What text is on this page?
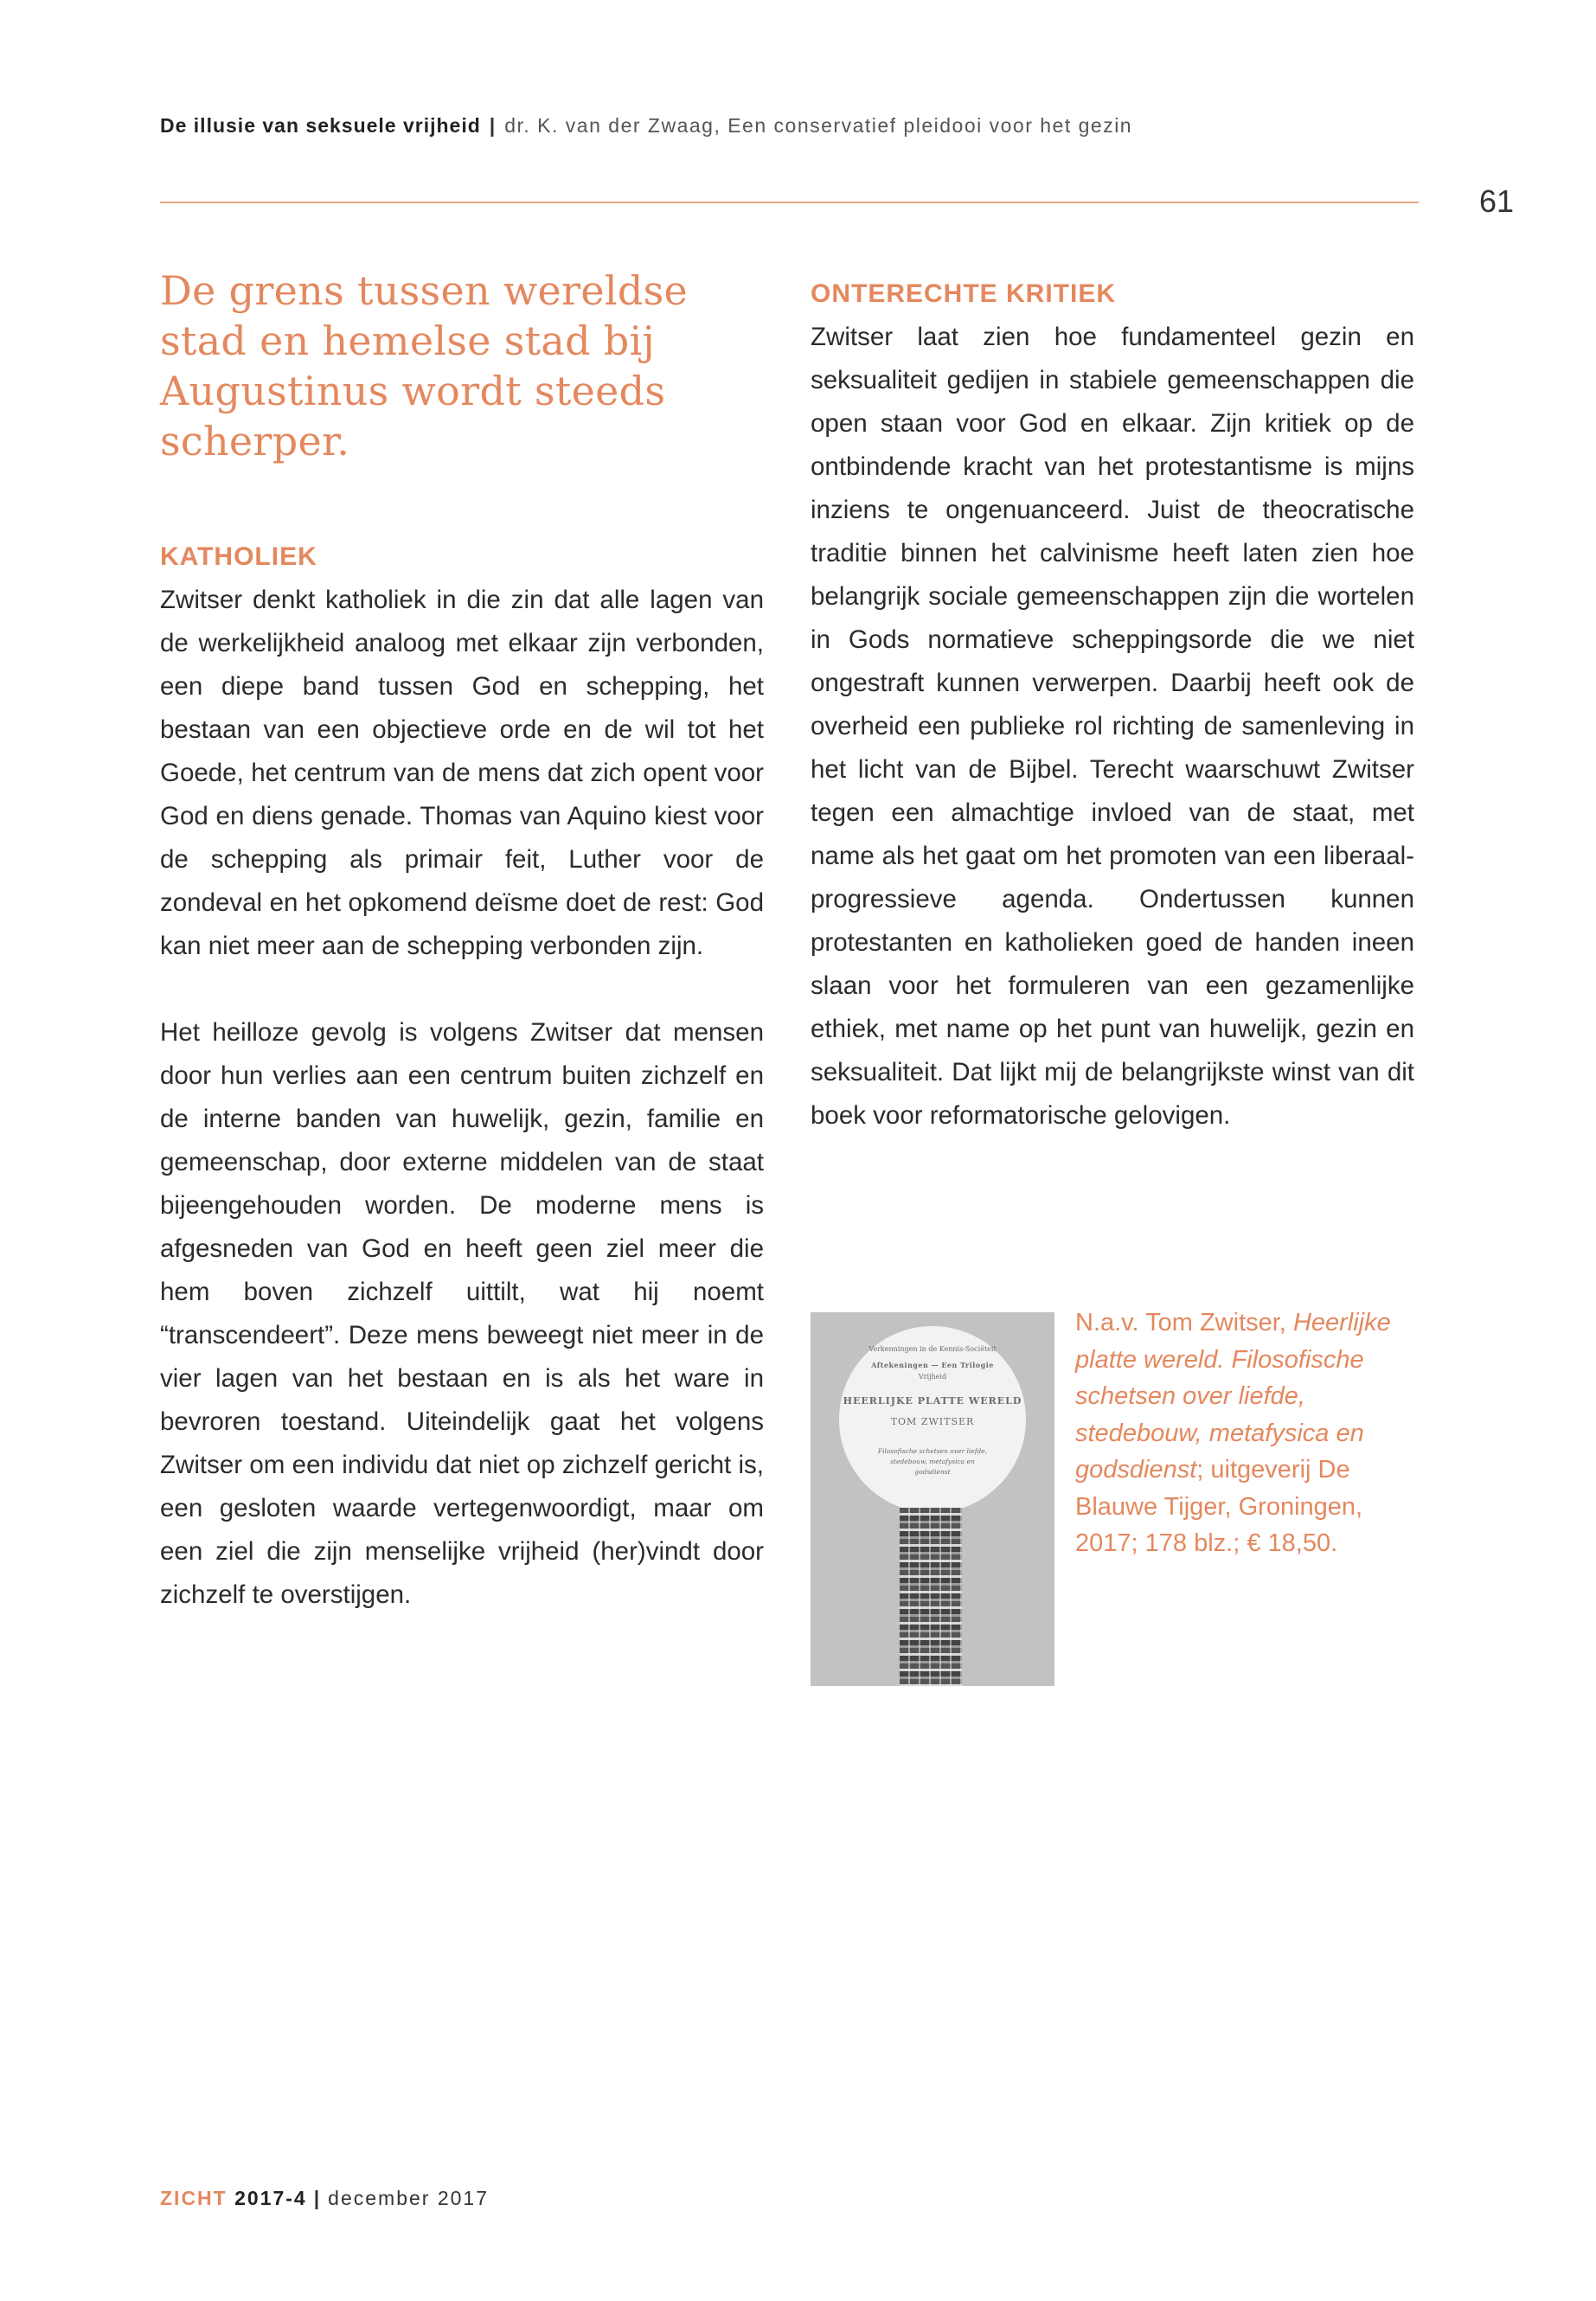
De illusie van seksuele vrijheid | dr. K. van der Zwaag, Een conservatief pleidooi voor het gezin
61
De grens tussen wereldse stad en hemelse stad bij Augustinus wordt steeds scherper.
KATHOLIEK

Zwitser denkt katholiek in die zin dat alle lagen van de werkelijkheid analoog met elkaar zijn verbonden, een diepe band tussen God en schepping, het bestaan van een objectieve orde en de wil tot het Goede, het centrum van de mens dat zich opent voor God en diens genade. Thomas van Aquino kiest voor de schepping als primair feit, Luther voor de zondeval en het opkomend deïsme doet de rest: God kan niet meer aan de schepping verbonden zijn.

Het heilloze gevolg is volgens Zwitser dat mensen door hun verlies aan een centrum buiten zichzelf en de interne banden van huwelijk, gezin, familie en gemeenschap, door externe middelen van de staat bijeengehouden worden. De moderne mens is afgesneden van God en heeft geen ziel meer die hem boven zichzelf uittilt, wat hij noemt “transcendeert”. Deze mens beweegt niet meer in de vier lagen van het bestaan en is als het ware in bevroren toestand. Uiteindelijk gaat het volgens Zwitser om een individu dat niet op zichzelf gericht is, een gesloten waarde vertegenwoordigt, maar om een ziel die zijn menselijke vrijheid (her)vindt door zichzelf te overstijgen.

ONTERECHTE KRITIEK

Zwitser laat zien hoe fundamenteel gezin en seksualiteit gedijen in stabiele gemeenschappen die open staan voor God en elkaar. Zijn kritiek op de ontbindende kracht van het protestantisme is mijns inziens te ongenuanceerd. Juist de theocratische traditie binnen het calvinisme heeft laten zien hoe belangrijk sociale gemeenschappen zijn die wortelen in Gods normatieve scheppingsorde die we niet ongestraft kunnen verwerpen. Daarbij heeft ook de overheid een publieke rol richting de samenleving in het licht van de Bijbel. Terecht waarschuwt Zwitser tegen een almachtige invloed van de staat, met name als het gaat om het promoten van een liberaal-progressieve agenda. Ondertussen kunnen protestanten en katholieken goed de handen ineen slaan voor het formuleren van een gezamenlijke ethiek, met name op het punt van huwelijk, gezin en seksualiteit. Dat lijkt mij de belangrijkste winst van dit boek voor reformatorische gelovigen.

Verkenningen in de Kennis-Sociëteit
Aftekeningen — Een Trilogie
Vrijheid
HEERLIJKE PLATTE WERELD
TOM ZWITSER
Filosofische schetsen over liefde,
stedebouw, metafysica en
godsdienst
N.a.v. Tom Zwitser, Heerlijke platte wereld. Filosofische schetsen over liefde, stedebouw, metafysica en godsdienst; uitgeverij De Blauwe Tijger, Groningen, 2017; 178 blz.; € 18,50.
ZICHT 2017-4 | december 2017
